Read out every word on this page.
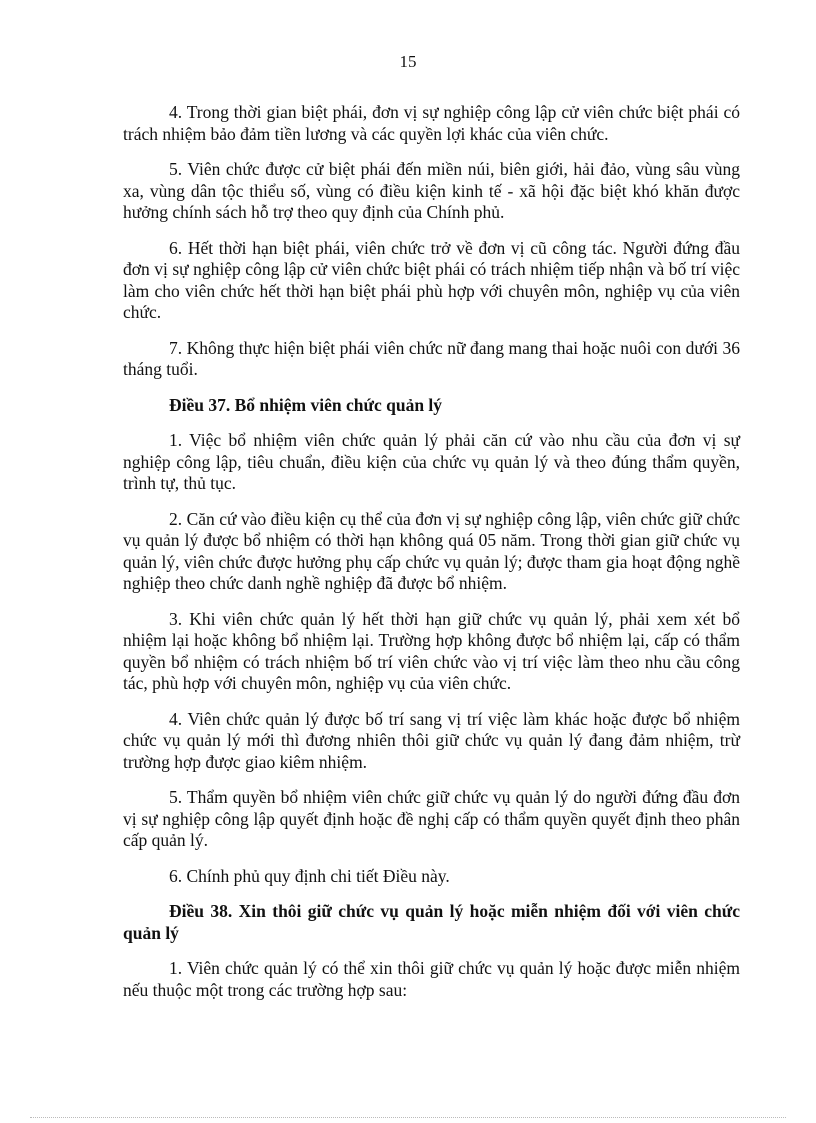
15

4. Trong thời gian biệt phái, đơn vị sự nghiệp công lập cử viên chức biệt phái có trách nhiệm bảo đảm tiền lương và các quyền lợi khác của viên chức.

5. Viên chức được cử biệt phái đến miền núi, biên giới, hải đảo, vùng sâu vùng xa, vùng dân tộc thiểu số, vùng có điều kiện kinh tế - xã hội đặc biệt khó khăn được hưởng chính sách hỗ trợ theo quy định của Chính phủ.

6. Hết thời hạn biệt phái, viên chức trở về đơn vị cũ công tác. Người đứng đầu đơn vị sự nghiệp công lập cử viên chức biệt phái có trách nhiệm tiếp nhận và bố trí việc làm cho viên chức hết thời hạn biệt phái phù hợp với chuyên môn, nghiệp vụ của viên chức.

7. Không thực hiện biệt phái viên chức nữ đang mang thai hoặc nuôi con dưới 36 tháng tuổi.

Điều 37. Bổ nhiệm viên chức quản lý

1. Việc bổ nhiệm viên chức quản lý phải căn cứ vào nhu cầu của đơn vị sự nghiệp công lập, tiêu chuẩn, điều kiện của chức vụ quản lý và theo đúng thẩm quyền, trình tự, thủ tục.

2. Căn cứ vào điều kiện cụ thể của đơn vị sự nghiệp công lập, viên chức giữ chức vụ quản lý được bổ nhiệm có thời hạn không quá 05 năm. Trong thời gian giữ chức vụ quản lý, viên chức được hưởng phụ cấp chức vụ quản lý; được tham gia hoạt động nghề nghiệp theo chức danh nghề nghiệp đã được bổ nhiệm.

3. Khi viên chức quản lý hết thời hạn giữ chức vụ quản lý, phải xem xét bổ nhiệm lại hoặc không bổ nhiệm lại. Trường hợp không được bổ nhiệm lại, cấp có thẩm quyền bổ nhiệm có trách nhiệm bố trí viên chức vào vị trí việc làm theo nhu cầu công tác, phù hợp với chuyên môn, nghiệp vụ của viên chức.

4. Viên chức quản lý được bố trí sang vị trí việc làm khác hoặc được bổ nhiệm chức vụ quản lý mới thì đương nhiên thôi giữ chức vụ quản lý đang đảm nhiệm, trừ trường hợp được giao kiêm nhiệm.

5. Thẩm quyền bổ nhiệm viên chức giữ chức vụ quản lý do người đứng đầu đơn vị sự nghiệp công lập quyết định hoặc đề nghị cấp có thẩm quyền quyết định theo phân cấp quản lý.

6. Chính phủ quy định chi tiết Điều này.

Điều 38. Xin thôi giữ chức vụ quản lý hoặc miễn nhiệm đối với viên chức quản lý

1. Viên chức quản lý có thể xin thôi giữ chức vụ quản lý hoặc được miễn nhiệm nếu thuộc một trong các trường hợp sau:
